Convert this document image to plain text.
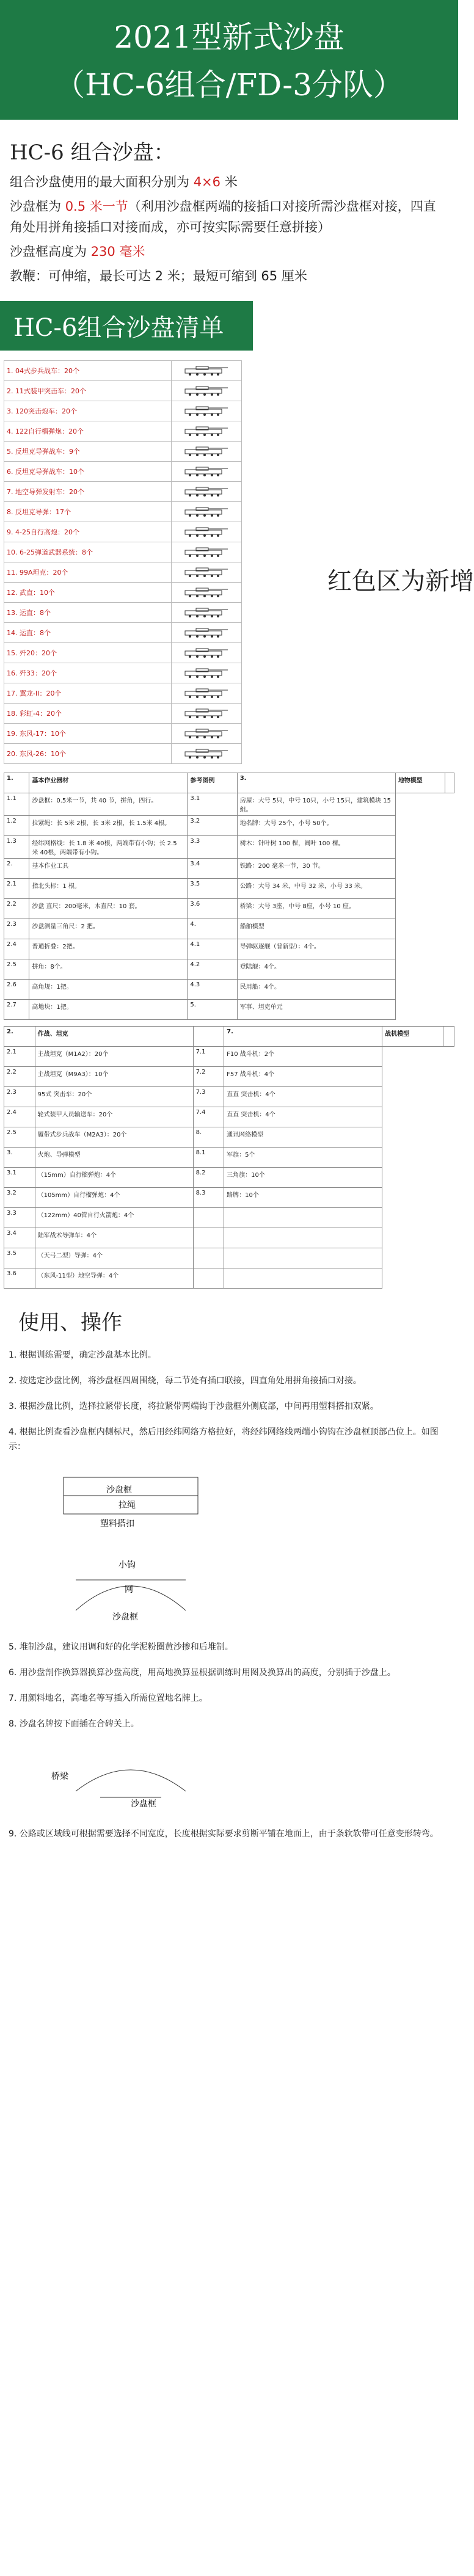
2021型新式沙盘
（HC-6组合/FD-3分队）
HC-6 组合沙盘：

组合沙盘使用的最大面积分别为 4×6 米

沙盘框为 0.5 米一节（利用沙盘框两端的接插口对接所需沙盘框对接，四直角处用拼角接插口对接而成，亦可按实际需要任意拼接）

沙盘框高度为 230 毫米

教鞭：可伸缩，最长可达 2 米；最短可缩到 65 厘米

HC-6组合沙盘清单
1. 04式步兵战车：20个	

2. 11式装甲突击车：20个	

3. 120突击炮车：20个	

4. 122自行榴弹炮：20个	

5. 反坦克导弹战车：9个	

6. 反坦克导弹战车：10个	

7. 地空导弹发射车：20个	

8. 反坦克导弹：17个	

9. 4-25自行高炮：20个	

10. 6-25弹道武器系统：8个	

11. 99A坦克：20个	

12. 武直：10个	

13. 运直：8个	

14. 运直：8个	

15. 歼20：20个	

16. 歼33：20个	

17. 翼龙-II：20个	

18. 彩虹-4：20个	

19. 东风-17：10个	

20. 东风-26：10个	
红色区为新增
1.	基本作业器材	参考图例	3.	地物模型	
1.1	沙盘框：0.5米一节，共 40 节，拼角，四行。	3.1	房屋：大号 5只，中号 10只，小号 15只，建筑模块 15组。		
1.2	拉紧绳：长 5米 2根，长 3米 2根，长 1.5米 4根。	3.2	地名牌：大号 25个，小号 50个。		
1.3	经纬网格线：长 1.8 米 40根，两端带有小钩；长 2.5 米 40根，两端带有小钩。	3.3	树木：针叶树 100 棵，阔叶 100 棵。		
2.	基本作业工具	3.4	铁路：200 毫米一节，30 节。		
2.1	指北头标：1 根。	3.5	公路：大号 34 米，中号 32 米，小号 33 米。		
2.2	沙盘 直尺：200毫米，木直尺：10 套。	3.6	桥梁：大号 3座，中号 8座，小号 10 座。		
2.3	沙盘测量三角尺：2 把。	4.	船舶模型		
2.4	普通折叠：2把。	4.1	导弹驱逐舰（普新型）：4个。		
2.5	拼角：8个。	4.2	登陆舰：4个。		
2.6	高角规：1把。	4.3	民用船：4个。		
2.7	高地块：1把。	5.	军事、坦克单元		
2.	作战、坦克		7.	战机模型	
2.1	主战坦克（M1A2）：20个	7.1	F10 战斗机：2个		
2.2	主战坦克（M9A3）：10个	7.2	F57 战斗机：4个		
2.3	95式 突击车：20个	7.3	直直 突击机：4个		
2.4	轮式装甲人员输送车：20个	7.4	直直 突击机：4个		
2.5	履带式步兵战车（M2A3）：20个	8.	通讯网络模型		
3.	火炮、导弹模型	8.1	军旗：5个		
3.1	（15mm）自行榴弹炮：4个	8.2	三角旗：10个		
3.2	（105mm）自行榴弹炮：4个	8.3	路牌：10个		
3.3	（122mm）40管自行火箭炮：4个				
3.4	陆军战术导弹车：4个				
3.5	（天弓二型）导弹：4个				
3.6	（东风-11型）地空导弹：4个				
使用、操作
1. 根据训练需要，确定沙盘基本比例。
2. 按选定沙盘比例，将沙盘框四周围绕，每二节处有插口联接，四直角处用拼角接插口对接。
3. 根据沙盘比例，选择拉紧带长度，将拉紧带两端钩于沙盘框外侧底部，中间再用塑料搭扣双紧。
4. 根据比例查看沙盘框内侧标尺，然后用经纬网络方格拉好，将经纬网络线两端小钩钩在沙盘框顶部凸位上。如图示：
沙盘框
拉绳
塑料搭扣
小钩
网
沙盘框
5. 堆制沙盘，建议用调和好的化学泥粉圈黄沙掺和后堆制。
6. 用沙盘剖作换算器换算沙盘高度，用高地换算显根据训练时用图及换算出的高度，分别插于沙盘上。
7. 用颜料地名，高地名等写插入所需位置地名牌上。
8. 沙盘名牌按下面插在合碑关上。
桥梁
沙盘框
9. 公路或区域线可根据需要选择不同宽度，长度根据实际要求剪断平铺在地面上，由于条软软带可任意变形转弯。
